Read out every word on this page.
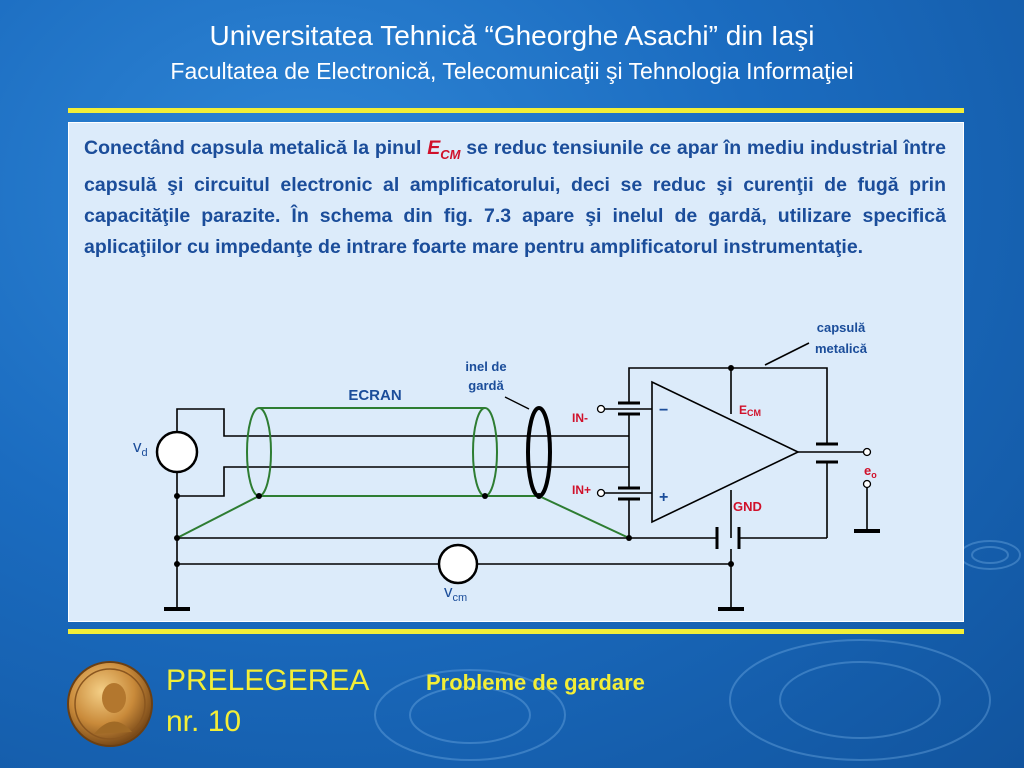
Universitatea Tehnică “Gheorghe Asachi” din Iaşi
Facultatea de Electronică, Telecomunicaţii şi Tehnologia Informaţiei

Conectând capsula metalică la pinul $E_{CM}$ se reduc tensiunile ce apar în mediu industrial între capsulă şi circuitul electronic al amplificatorului, deci se reduc şi curenţii de fugă prin capacităţile parazite. În schema din fig. 7.3 apare şi inelul de gardă, utilizare specifică aplicaţiilor cu impedanţe de intrare foarte mare pentru amplificatorul instrumentaţie.

capsulă
metalică
inel de
gardă
ECRAN
IN-
IN+
−
+
ECM
GND
$e_o$
$v_d$
$v_{cm}$
PRELEGEREA	Probleme de gardare
nr. 10
